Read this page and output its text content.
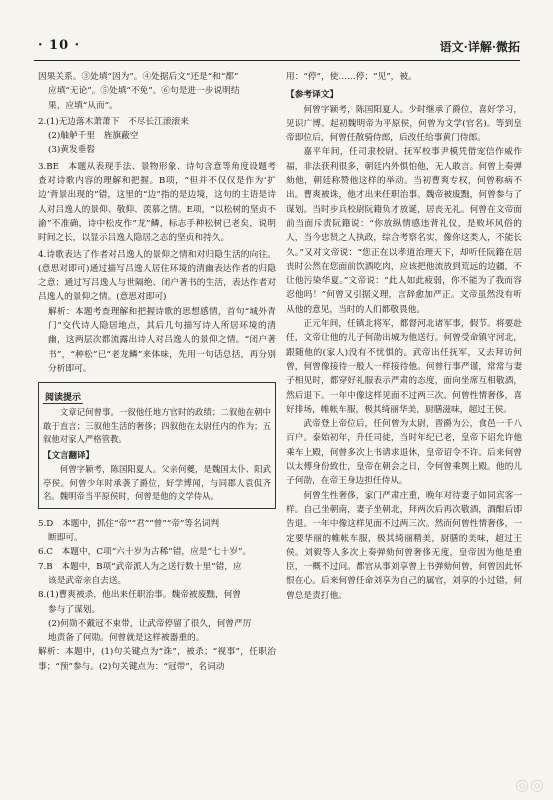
· 10 ·	语文·详解·微拓

因果关系。③处填“因为”。④处据后文“还是”和“都”

应填“无论”。⑤处填“不免”。⑥句是进一步说明结

果，应填“从而”。

2.(1)无边落木萧萧下　不尽长江滚滚来

(2)舳舻千里　旌旗蔽空

(3)黄发垂髫

3.BE　本题从表现手法、景物形象、诗句含意等角度设题考查对诗歌内容的理解和把握。B项，“但并不仅仅是作为‘扩边’背景出现的”错，这里的“边”指的是边境，这句的主语是诗人对吕逸人的景仰、敬仰、羡慕之情。E项，“以松树的坚贞不渝”不准确，诗中松皮作“龙”鳞，标志手种松树已老矣，说明时间之长，以显示吕逸人隐居之志的坚贞和持久。

4.诗歌表达了作者对吕逸人的景仰之情和对归隐生活的向往。(意思对即可)通过描写吕逸人居住环境的清幽表达作者的归隐之意；通过写吕逸人与世隔绝、闭户著书的生活，表达作者对吕逸人的景仰之情。(意思对即可)

解析：本题考查理解和把握诗歌的思想感情，首句“城外青门”交代诗人隐居地点，其后几句描写诗人所居环境的清幽，这两层次都流露出诗人对吕逸人的景仰之情。“闭户著书”，“种松”已“老龙鳞”来体味，先用一句话总括，再分别分析即可。

阅读提示

文章记何曾事。一叙他任地方官时的政绩；二叙他在朝中敢于直言；三叙他生活的奢侈；四叙他在太尉任内的作为；五叙他对家人严格管教。

【文言翻译】

何曾字颖考，陈国阳夏人。父亲何夔，是魏国太仆、阳武亭侯。何曾少年时承袭了爵位，好学博闻，与同郡人袁侃齐名。魏明帝当平原侯时，何曾是他的文学侍从。

5.D　本题中，抓住“帝”“君”“曾”“帝”等名词判

断即可。

6.C　本题中，C项“六十岁为古稀”错，应是“七十岁”。

7.B　本题中，B项“武帝派人为之送行数十里”错，应

该是武帝亲自去送。

8.(1)曹爽被杀，他出来任职治事。魏帝被废黜，何曾

参与了谋划。

(2)何勋不戴冠不束带，让武帝停留了很久，何曾严厉

地责备了何勋。何曾就是这样被器重的。

解析：本题中，(1)句关键点为“诛”，被杀；“视事”，任职治事；“预”参与。(2)句关键点为：“冠带”，名词动

用：“停”，使……停；“见”，被。

【参考译文】

何曾字颖考，陈国阳夏人。少时继承了爵位，喜好学习，见识广博。起初魏明帝为平原侯，何曾为文学(官名)。等到皇帝即位后，何曾任散骑侍郎，后改任给事黄门侍郎。

嘉平年间，任司隶校尉。抚军校事尹模凭借宠信作威作福，非法获利很多，朝廷内外惧怕他，无人敢言。何曾上奏弹劾他，朝廷称赞他这样的举动。当初曹爽专权，何曾称病不出。曹爽被诛，他才出来任职治事。魏帝被废黜，何曾参与了谋划。当时步兵校尉阮籍负才放诞，居丧无礼。何曾在文帝面前当面斥责阮籍说：“你放纵情感违背礼仪，是败坏风俗的人，当今忠贤之人执政，综合考察名实，像你这类人，不能长久。”又对文帝说：“您正在以孝道治理天下，却听任阮籍在居丧时公然在您面前饮酒吃肉，应该把他流放到荒远的边疆，不让他污染华夏。”文帝说：“此人如此疲弱，你不能为了我而容忍他吗！”何曾又引据义理，言辞愈加严正。文帝虽然没有听从他的意见，当时的人们都敬畏他。

正元年间，任镇北将军，都督河北诸军事，假节。将要赴任，文帝让他的儿子何劭出城为他送行。何曾受命镇守河北，跟随他的(家人)没有不忧惧的。武帝出任抚军，又去拜访何曾，何曾像接待一般人一样接待他。何曾行事严谨，常常与妻子相见时，都穿好礼服表示严肃的态度，面向坐席互相敬酒，然后退下。一年中像这样见面不过两三次。何曾性情奢侈，喜好排场，帷帐车服，极其绮丽华美，厨膳滋味，超过王侯。

武帝登上帝位后，任何曾为太尉，晋爵为公，食邑一千八百户。泰始初年，升任司徒，当时年纪已老，皇帝下诏允许他乘车上殿，何曾多次上书请求退休，皇帝诏令不许。后来何曾以太傅身份致仕，皇帝在朝会之日，令何曾乘舆上殿。他的儿子何劭，在帝王身边担任侍从。

何曾生性奢侈，家门严肃庄重，晚年对待妻子如同宾客一样。自己坐朝南，妻子坐朝北，拜两次后再次敬酒，酒酣后即告退。一年中像这样见面不过两三次。然而何曾性情奢侈，一定要华丽的帷帐车服，极其绮丽精美，厨膳的美味，超过王侯。刘毅等人多次上奏弹劾何曾奢侈无度，皇帝因为他是重臣，一概不过问。都官从事刘享曾上书弹劾何曾，何曾因此怀恨在心。后来何曾任命刘享为自己的属官，刘享的小过错，何曾总是责打他。

◎◎
